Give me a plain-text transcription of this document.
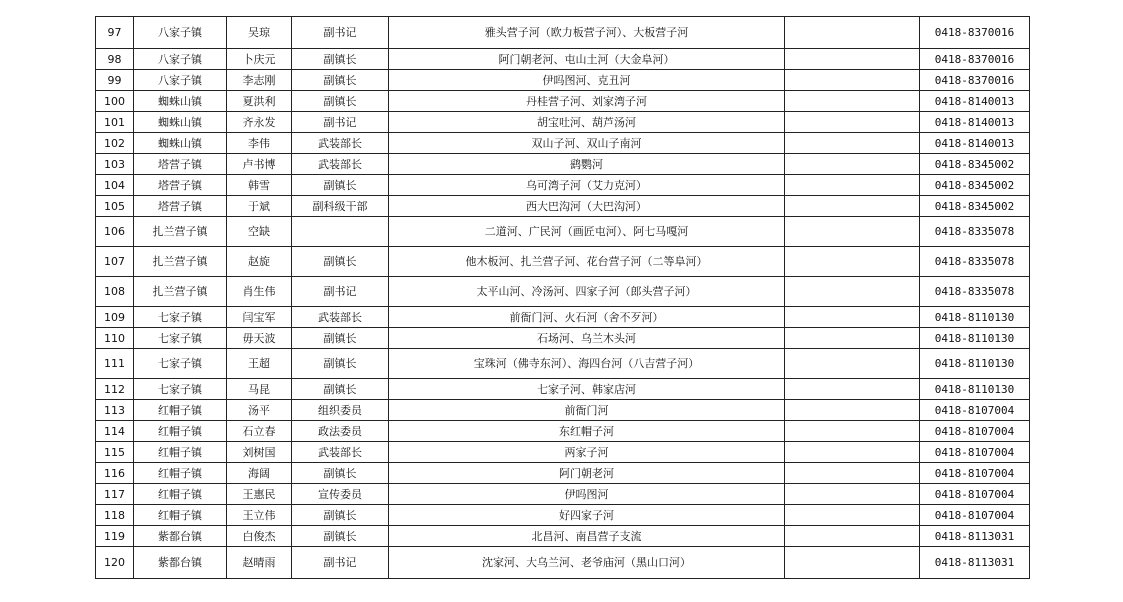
97	八家子镇	吴琼	副书记	雅头营子河（欧力板营子河）、大板营子河		0418-8370016
98	八家子镇	卜庆元	副镇长	阿门朝老河、屯山土河（大金阜河）		0418-8370016
99	八家子镇	李志刚	副镇长	伊吗图河、克丑河		0418-8370016
100	蜘蛛山镇	夏洪利	副镇长	丹桂营子河、刘家湾子河		0418-8140013
101	蜘蛛山镇	齐永发	副书记	胡宝吐河、葫芦汤河		0418-8140013
102	蜘蛛山镇	李伟	武装部长	双山子河、双山子南河		0418-8140013
103	塔营子镇	卢书博	武装部长	鹞鹦河		0418-8345002
104	塔营子镇	韩雪	副镇长	乌可湾子河（艾力克河）		0418-8345002
105	塔营子镇	于斌	副科级干部	西大巴沟河（大巴沟河）		0418-8345002
106	扎兰营子镇	空缺		二道河、广民河（画匠屯河）、阿七马嘎河		0418-8335078
107	扎兰营子镇	赵旋	副镇长	他木板河、扎兰营子河、花台营子河（二等阜河）		0418-8335078
108	扎兰营子镇	肖生伟	副书记	太平山河、冷汤河、四家子河（郎头营子河）		0418-8335078
109	七家子镇	闫宝军	武装部长	前衙门河、火石河（舍不歹河）		0418-8110130
110	七家子镇	毋天波	副镇长	石场河、乌兰木头河		0418-8110130
111	七家子镇	王超	副镇长	宝珠河（佛寺东河）、海四台河（八吉营子河）		0418-8110130
112	七家子镇	马昆	副镇长	七家子河、韩家店河		0418-8110130
113	红帽子镇	汤平	组织委员	前衙门河		0418-8107004
114	红帽子镇	石立春	政法委员	东红帽子河		0418-8107004
115	红帽子镇	刘树国	武装部长	两家子河		0418-8107004
116	红帽子镇	海阔	副镇长	阿门朝老河		0418-8107004
117	红帽子镇	王惠民	宣传委员	伊吗图河		0418-8107004
118	红帽子镇	王立伟	副镇长	好四家子河		0418-8107004
119	紫都台镇	白俊杰	副镇长	北昌河、南昌营子支流		0418-8113031
120	紫都台镇	赵晴雨	副书记	沈家河、大乌兰河、老爷庙河（黑山口河）		0418-8113031
